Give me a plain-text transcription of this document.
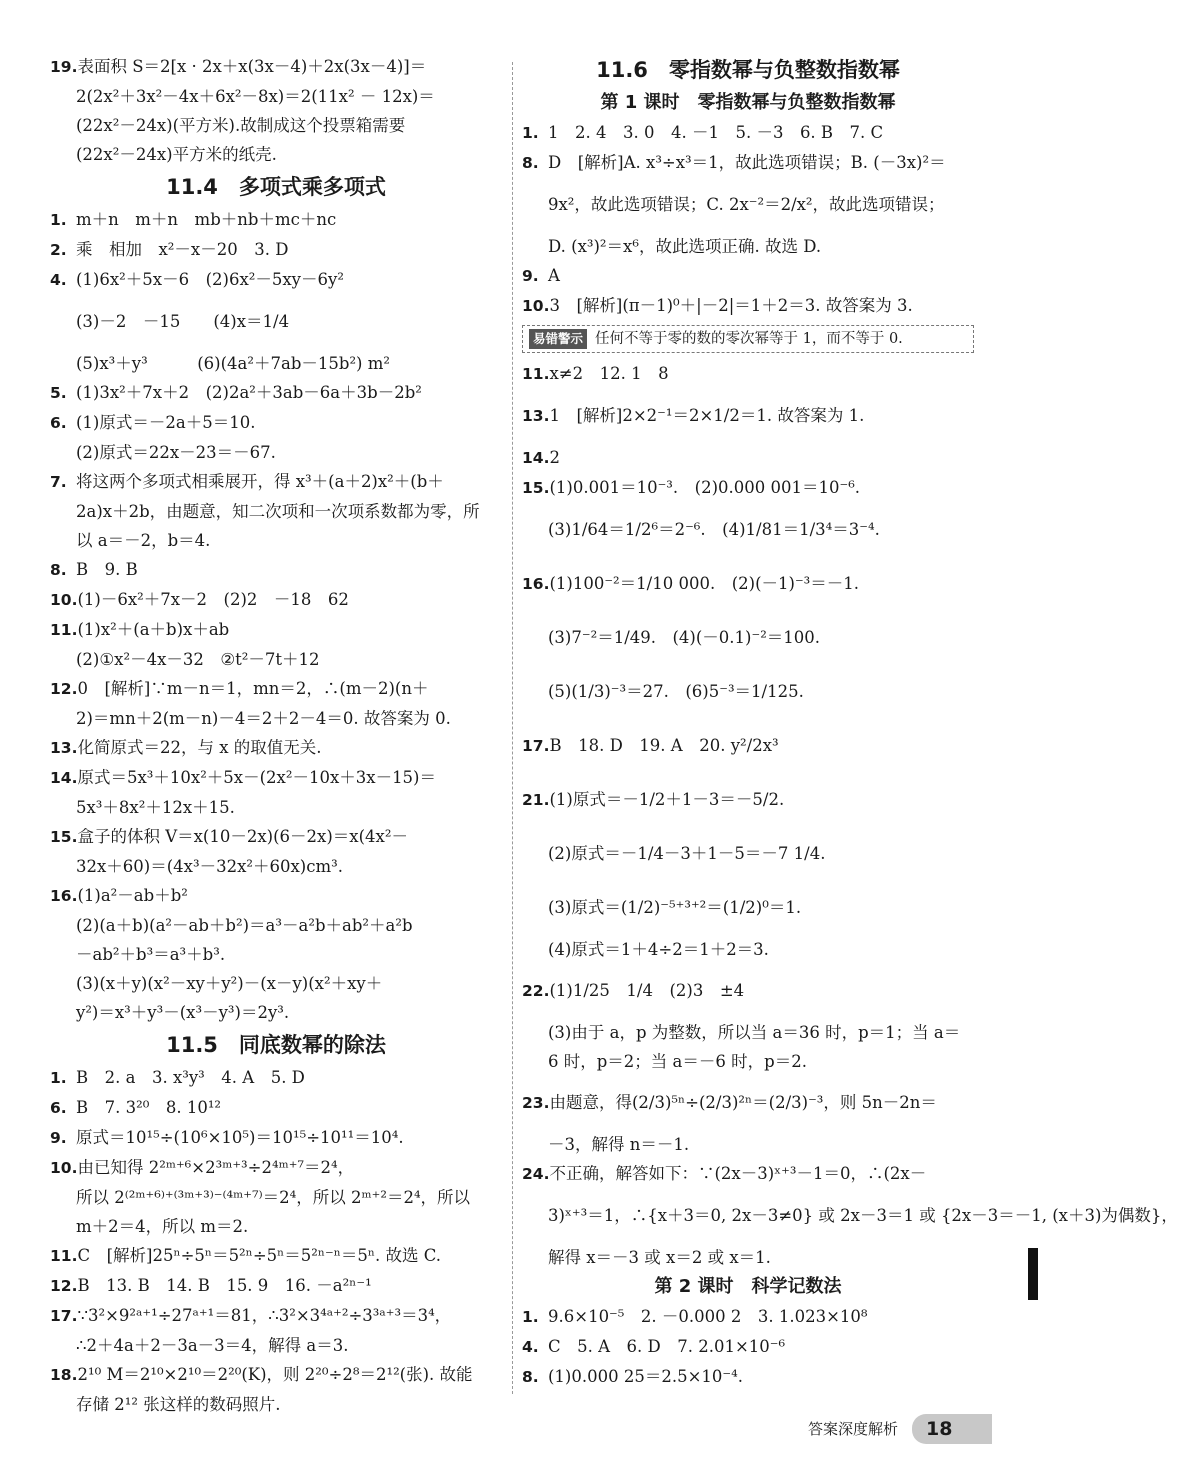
19.表面积 S＝2[x · 2x＋x(3x－4)＋2x(3x－4)]＝
2(2x²＋3x²－4x＋6x²－8x)＝2(11x² － 12x)＝
(22x²－24x)(平方米).故制成这个投票箱需要
(22x²－24x)平方米的纸壳.
11.4　多项式乘多项式
1. m＋n　m＋n　mb＋nb＋mc＋nc
2. 乘　相加　x²－x－20　3. D
4. (1)6x²＋5x－6　(2)6x²－5xy－6y²
(3)－2　－15　　(4)x＝1/4
(5)x³＋y³　　　(6)(4a²＋7ab－15b²) m²
5. (1)3x²＋7x＋2　(2)2a²＋3ab－6a＋3b－2b²
6. (1)原式＝－2a＋5＝10.
(2)原式＝22x－23＝－67.
7. 将这两个多项式相乘展开，得 x³＋(a＋2)x²＋(b＋
2a)x＋2b，由题意，知二次项和一次项系数都为零，所
以 a＝－2，b＝4.
8. B　9. B
10.(1)－6x²＋7x－2　(2)2　－18　62
11.(1)x²＋(a＋b)x＋ab
(2)①x²－4x－32　②t²－7t＋12
12.0　[解析]∵m－n＝1，mn＝2，∴(m－2)(n＋
2)＝mn＋2(m－n)－4＝2＋2－4＝0. 故答案为 0.
13.化简原式＝22，与 x 的取值无关.
14.原式＝5x³＋10x²＋5x－(2x²－10x＋3x－15)＝
5x³＋8x²＋12x＋15.
15.盒子的体积 V＝x(10－2x)(6－2x)＝x(4x²－
32x＋60)＝(4x³－32x²＋60x)cm³.
16.(1)a²－ab＋b²
(2)(a＋b)(a²－ab＋b²)＝a³－a²b＋ab²＋a²b
－ab²＋b³＝a³＋b³.
(3)(x＋y)(x²－xy＋y²)－(x－y)(x²＋xy＋
y²)＝x³＋y³－(x³－y³)＝2y³.
11.5　同底数幂的除法
1. B　2. a　3. x³y³　4. A　5. D
6. B　7. 3²⁰　8. 10¹²
9. 原式＝10¹⁵÷(10⁶×10⁵)＝10¹⁵÷10¹¹＝10⁴.
10.由已知得 2²ᵐ⁺⁶×2³ᵐ⁺³÷2⁴ᵐ⁺⁷＝2⁴，
所以 2⁽²ᵐ⁺⁶⁾⁺⁽³ᵐ⁺³⁾⁻⁽⁴ᵐ⁺⁷⁾＝2⁴，所以 2ᵐ⁺²＝2⁴，所以
m＋2＝4，所以 m＝2.
11.C　[解析]25ⁿ÷5ⁿ＝5²ⁿ÷5ⁿ＝5²ⁿ⁻ⁿ＝5ⁿ. 故选 C.
12.B　13. B　14. B　15. 9　16. －a²ⁿ⁻¹
17.∵3²×9²ᵃ⁺¹÷27ᵃ⁺¹＝81，∴3²×3⁴ᵃ⁺²÷3³ᵃ⁺³＝3⁴，
∴2＋4a＋2－3a－3＝4，解得 a＝3.
18.2¹⁰ M＝2¹⁰×2¹⁰＝2²⁰(K)，则 2²⁰÷2⁸＝2¹²(张). 故能
存储 2¹² 张这样的数码照片.
11.6　零指数幂与负整数指数幂
第 1 课时　零指数幂与负整数指数幂
1. 1　2. 4　3. 0　4. －1　5. －3　6. B　7. C
8. D　[解析]A. x³÷x³＝1，故此选项错误；B. (－3x)²＝
9x²，故此选项错误；C. 2x⁻²＝2/x²，故此选项错误；
D. (x³)²＝x⁶，故此选项正确. 故选 D.
9. A
10.3　[解析](π－1)⁰＋|－2|＝1＋2＝3. 故答案为 3.
易错警示 任何不等于零的数的零次幂等于 1，而不等于 0.
11.x≠2　12. 1　8
13.1　[解析]2×2⁻¹＝2×1/2＝1. 故答案为 1.
14.2
15.(1)0.001＝10⁻³.　(2)0.000 001＝10⁻⁶.
(3)1/64＝1/2⁶＝2⁻⁶.　(4)1/81＝1/3⁴＝3⁻⁴.
16.(1)100⁻²＝1/10 000.　(2)(－1)⁻³＝－1.
(3)7⁻²＝1/49.　(4)(－0.1)⁻²＝100.
(5)(1/3)⁻³＝27.　(6)5⁻³＝1/125.
17.B　18. D　19. A　20. y²/2x³
21.(1)原式＝－1/2＋1－3＝－5/2.
(2)原式＝－1/4－3＋1－5＝－7 1/4.
(3)原式＝(1/2)⁻⁵⁺³⁺²＝(1/2)⁰＝1.
(4)原式＝1＋4÷2＝1＋2＝3.
22.(1)1/25　1/4　(2)3　±4
(3)由于 a，p 为整数，所以当 a＝36 时，p＝1；当 a＝
6 时，p＝2；当 a＝－6 时，p＝2.
23.由题意，得(2/3)⁵ⁿ÷(2/3)²ⁿ＝(2/3)⁻³，则 5n－2n＝
－3，解得 n＝－1.
24.不正确，解答如下：∵(2x－3)ˣ⁺³－1＝0，∴(2x－
3)ˣ⁺³＝1，∴{x＋3＝0, 2x－3≠0} 或 2x－3＝1 或 {2x－3＝－1, (x＋3)为偶数}，
解得 x＝－3 或 x＝2 或 x＝1.
第 2 课时　科学记数法
1. 9.6×10⁻⁵　2. －0.000 2　3. 1.023×10⁸
4. C　5. A　6. D　7. 2.01×10⁻⁶
8. (1)0.000 25＝2.5×10⁻⁴.
答案深度解析 18
